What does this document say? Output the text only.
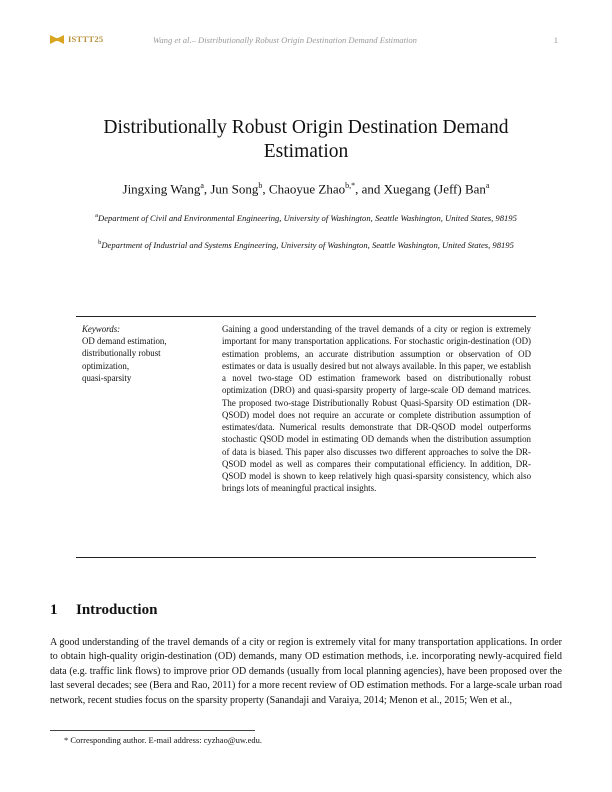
ISTTT25	Wang et al.– Distributionally Robust Origin Destination Demand Estimation	1
Distributionally Robust Origin Destination Demand Estimation
Jingxing Wang$^a$, Jun Song$^b$, Chaoyue Zhao$^{b,*}$, and Xuegang (Jeff) Ban$^a$
$^a$Department of Civil and Environmental Engineering, University of Washington, Seattle Washington, United States, 98195
$^b$Department of Industrial and Systems Engineering, University of Washington, Seattle Washington, United States, 98195
Keywords:
OD demand estimation,
distributionally robust optimization,
quasi-sparsity
Gaining a good understanding of the travel demands of a city or region is extremely important for many transportation applications. For stochastic origin-destination (OD) estimation problems, an accurate distribution assumption or observation of OD estimates or data is usually desired but not always available. In this paper, we establish a novel two-stage OD estimation framework based on distributionally robust optimization (DRO) and quasi-sparsity property of large-scale OD demand matrices. The proposed two-stage Distributionally Robust Quasi-Sparsity OD estimation (DR-QSOD) model does not require an accurate or complete distribution assumption of estimates/data. Numerical results demonstrate that DR-QSOD model outperforms stochastic QSOD model in estimating OD demands when the distribution assumption of data is biased. This paper also discusses two different approaches to solve the DR-QSOD model as well as compares their computational efficiency. In addition, DR-QSOD model is shown to keep relatively high quasi-sparsity consistency, which also brings lots of meaningful practical insights.
1 Introduction
A good understanding of the travel demands of a city or region is extremely vital for many transportation applications. In order to obtain high-quality origin-destination (OD) demands, many OD estimation methods, i.e. incorporating newly-acquired field data (e.g. traffic link flows) to improve prior OD demands (usually from local planning agencies), have been proposed over the last several decades; see (Bera and Rao, 2011) for a more recent review of OD estimation methods. For a large-scale urban road network, recent studies focus on the sparsity property (Sanandaji and Varaiya, 2014; Menon et al., 2015; Wen et al.,
* Corresponding author. E-mail address: cyzhao@uw.edu.
